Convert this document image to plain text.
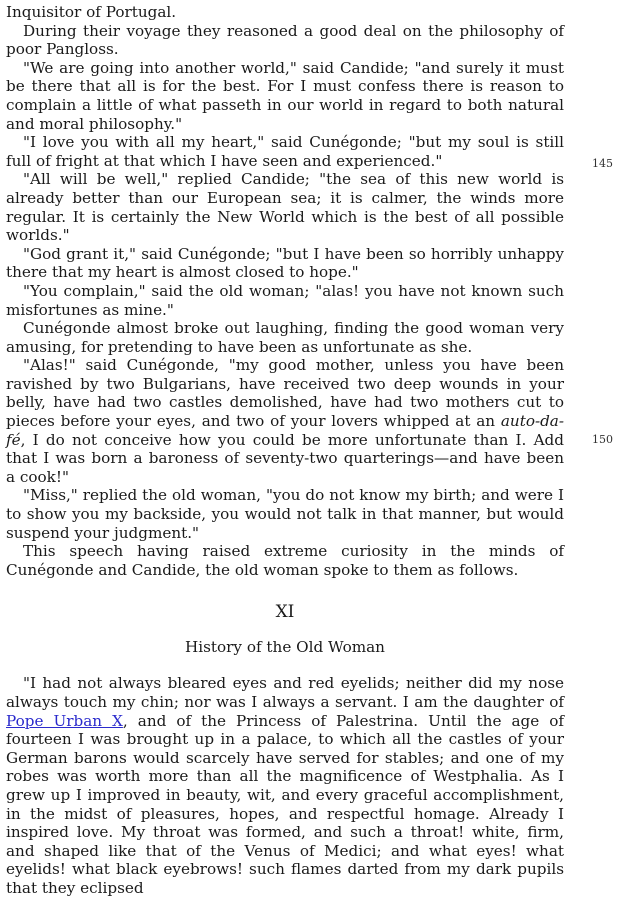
Inquisitor of Portugal.

During their voyage they reasoned a good deal on the philosophy of poor Pangloss.

"We are going into another world," said Candide; "and surely it must be there that all is for the best. For I must confess there is reason to complain a little of what passeth in our world in regard to both natural and moral philosophy."

"I love you with all my heart," said Cunégonde; "but my soul is still full of fright at that which I have seen and experienced."

"All will be well," replied Candide; "the sea of this new world is already better than our European sea; it is calmer, the winds more regular. It is certainly the New World which is the best of all possible worlds."

"God grant it," said Cunégonde; "but I have been so horribly unhappy there that my heart is almost closed to hope."

"You complain," said the old woman; "alas! you have not known such misfortunes as mine."

Cunégonde almost broke out laughing, finding the good woman very amusing, for pretending to have been as unfortunate as she.

"Alas!" said Cunégonde, "my good mother, unless you have been ravished by two Bulgarians, have received two deep wounds in your belly, have had two castles demolished, have had two mothers cut to pieces before your eyes, and two of your lovers whipped at an auto-da-fé, I do not conceive how you could be more unfortunate than I. Add that I was born a baroness of seventy-two quarterings—and have been a cook!"

"Miss," replied the old woman, "you do not know my birth; and were I to show you my backside, you would not talk in that manner, but would suspend your judgment."

This speech having raised extreme curiosity in the minds of Cunégonde and Candide, the old woman spoke to them as follows.

XI
History of the Old Woman

"I had not always bleared eyes and red eyelids; neither did my nose always touch my chin; nor was I always a servant. I am the daughter of Pope Urban X, and of the Princess of Palestrina. Until the age of fourteen I was brought up in a palace, to which all the castles of your German barons would scarcely have served for stables; and one of my robes was worth more than all the magnificence of Westphalia. As I grew up I improved in beauty, wit, and every graceful accomplishment, in the midst of pleasures, hopes, and respectful homage. Already I inspired love. My throat was formed, and such a throat! white, firm, and shaped like that of the Venus of Medici; and what eyes! what eyelids! what black eyebrows! such flames darted from my dark pupils that they eclipsed

145
150
